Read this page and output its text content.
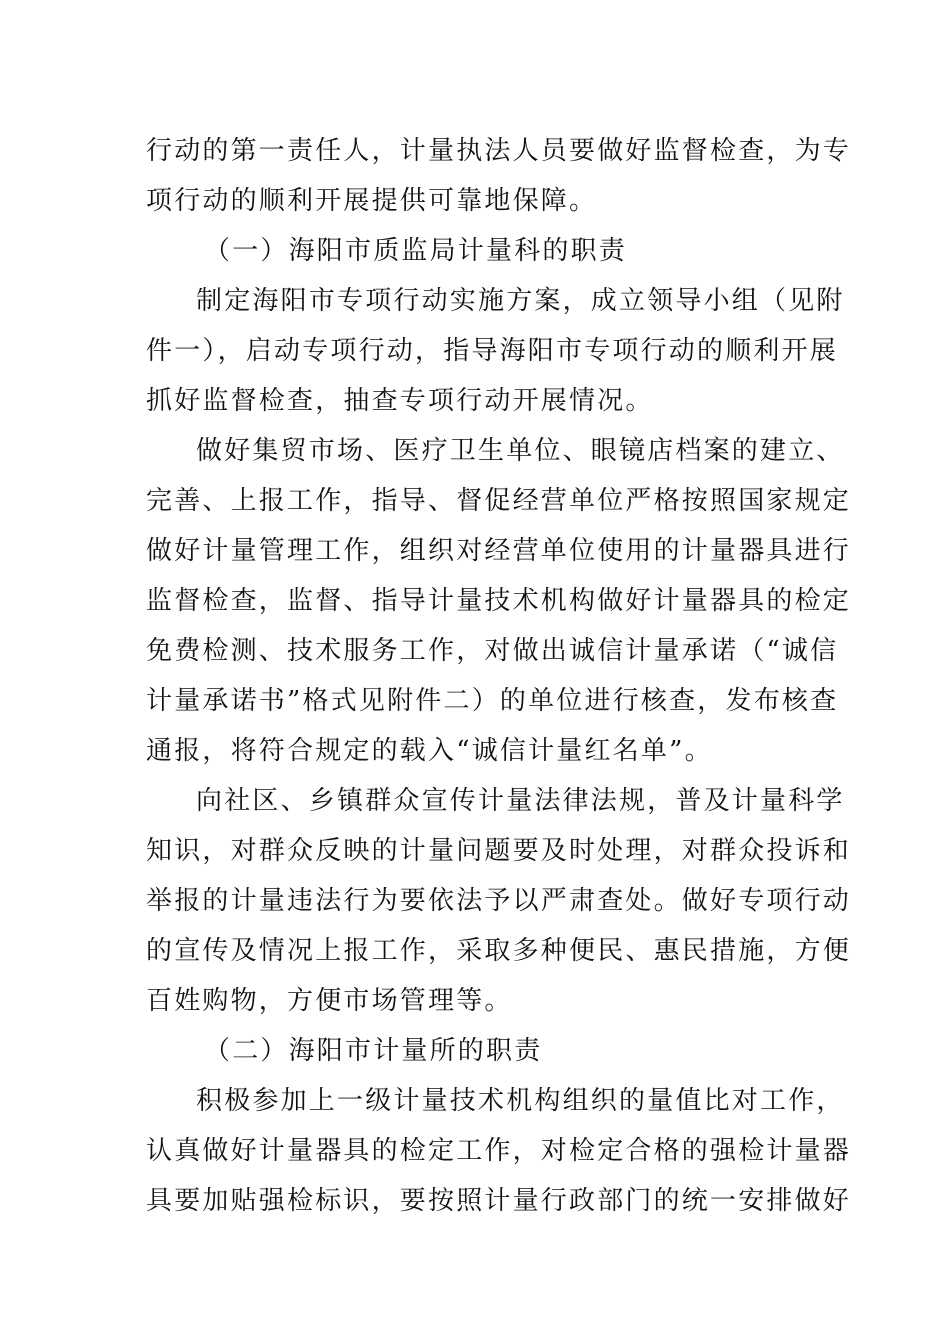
行动的第一责任人，计量执法人员要做好监督检查，为专
项行动的顺利开展提供可靠地保障。
（一）海阳市质监局计量科的职责
制定海阳市专项行动实施方案，成立领导小组（见附
件一），启动专项行动，指导海阳市专项行动的顺利开展
抓好监督检查，抽查专项行动开展情况。
做好集贸市场、医疗卫生单位、眼镜店档案的建立、
完善、上报工作，指导、督促经营单位严格按照国家规定
做好计量管理工作，组织对经营单位使用的计量器具进行
监督检查，监督、指导计量技术机构做好计量器具的检定
免费检测、技术服务工作，对做出诚信计量承诺（“诚信
计量承诺书”格式见附件二）的单位进行核查，发布核查
通报，将符合规定的载入“诚信计量红名单”。
向社区、乡镇群众宣传计量法律法规，普及计量科学
知识，对群众反映的计量问题要及时处理，对群众投诉和
举报的计量违法行为要依法予以严肃查处。做好专项行动
的宣传及情况上报工作，采取多种便民、惠民措施，方便
百姓购物，方便市场管理等。
（二）海阳市计量所的职责
积极参加上一级计量技术机构组织的量值比对工作，
认真做好计量器具的检定工作，对检定合格的强检计量器
具要加贴强检标识，要按照计量行政部门的统一安排做好
